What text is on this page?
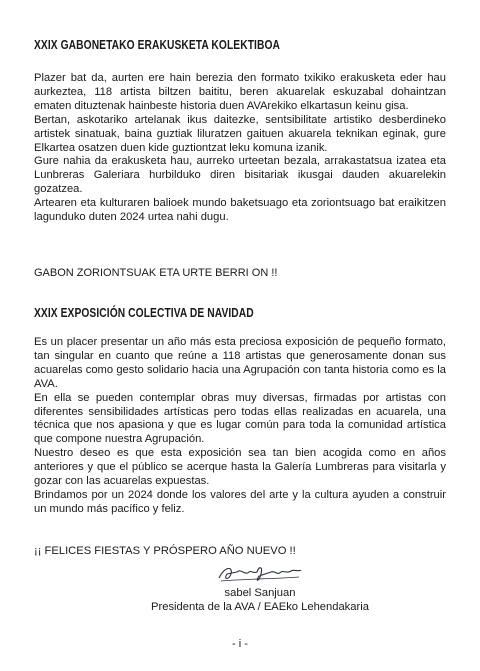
XXIX GABONETAKO ERAKUSKETA KOLEKTIBOA

Plazer bat da, aurten ere hain berezia den formato txikiko erakusketa eder hau aurkeztea, 118 artista biltzen baititu, beren akuarelak eskuzabal dohaintzan ematen dituztenak hainbeste historia duen AVArekiko elkartasun keinu gisa.

Bertan, askotariko artelanak ikus daitezke, sentsibilitate artistiko desberdineko artistek sinatuak, baina guztiak liluratzen gaituen akuarela teknikan eginak, gure Elkartea osatzen duen kide guztiontzat leku komuna izanik.

Gure nahia da erakusketa hau, aurreko urteetan bezala, arrakastatsua izatea eta Lunbreras Galeriara hurbilduko diren bisitariak ikusgai dauden akuarelekin gozatzea.

Artearen eta kulturaren balioek mundo baketsuago eta zoriontsuago bat eraikitzen lagunduko duten 2024 urtea nahi dugu.

GABON ZORIONTSUAK ETA URTE BERRI ON !!

XXIX EXPOSICIÓN COLECTIVA DE NAVIDAD

Es un placer presentar un año más esta preciosa exposición de pequeño formato, tan singular en cuanto que reúne a 118 artistas que generosamente donan sus acuarelas como gesto solidario hacia una Agrupación con tanta historia como es la AVA.

En ella se pueden contemplar obras muy diversas, firmadas por artistas con diferentes sensibilidades artísticas pero todas ellas realizadas en acuarela, una técnica que nos apasiona y que es lugar común para toda la comunidad artística que compone nuestra Agrupación.

Nuestro deseo es que esta exposición sea tan bien acogida como en años anteriores y que el público se acerque hasta la Galería Lumbreras para visitarla y gozar con las acuarelas expuestas.

Brindamos por un 2024 donde los valores del arte y la cultura ayuden a construir un mundo más pacífico y feliz.

¡¡ FELICES FIESTAS Y PRÓSPERO AÑO NUEVO !!

sabel Sanjuan
Presidenta de la AVA / EAEko Lehendakaria
- i -
